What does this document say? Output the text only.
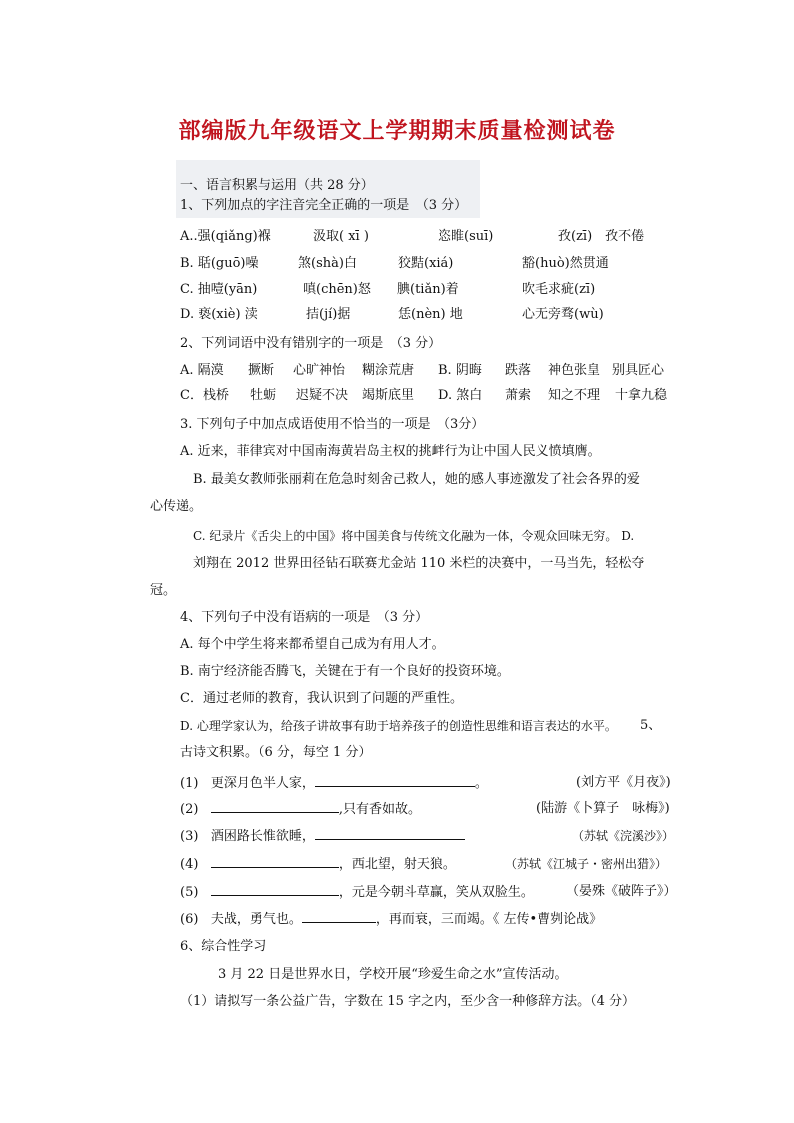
部编版九年级语文上学期期末质量检测试卷
一、语言积累与运用（共 28 分）
1、下列加点的字注音完全正确的一项是　（3 分）
A..强(qiǎng)褓	汲取( xī )	恣睢(suī)	孜(zī)　孜不倦
B. 聒(guō)噪	煞(shà)白	狡黠(xiá)	豁(huò)然贯通
C. 抽噎(yān)	嗔(chēn)怒 腆(tiǎn)着	吹毛求疵(zī)
D. 亵(xiè) 渎	拮(jí)据	恁(nèn) 地	心无旁骛(wù)
2、下列词语中没有错别字的一项是　（3 分）
A. 隔漠 撅断 心旷神怡 糊涂荒唐 B. 阴晦 跌落 神色张皇 别具匠心
C．栈桥 牡蛎 迟疑不决 竭斯底里 D. 煞白 萧索 知之不理 十拿九稳
3. 下列句子中加点成语使用不恰当的一项是　（3分）
A. 近来，菲律宾对中国南海黄岩岛主权的挑衅行为让中国人民义愤填膺。
B. 最美女教师张丽莉在危急时刻舍己救人，她的感人事迹激发了社会各界的爱
心传递。
C. 纪录片《舌尖上的中国》将中国美食与传统文化融为一体，令观众回味无穷。 D.
刘翔在 2012 世界田径钻石联赛尤金站 110 米栏的决赛中，一马当先，轻松夺
冠。
4、下列句子中没有语病的一项是　（3 分）
A. 每个中学生将来都希望自己成为有用人才。
B. 南宁经济能否腾飞，关键在于有一个良好的投资环境。
C．通过老师的教育，我认识到了问题的严重性。
D. 心理学家认为，给孩子讲故事有助于培养孩子的创造性思维和语言表达的水平。 5、
古诗文积累。（6 分，每空 1 分）
(1) 更深月色半人家，	。	(刘方平《月夜》)
(2)	,只有香如故。	(陆游《卜算子　咏梅》)
(3) 酒困路长惟欲睡，	（苏轼《浣溪沙》）
(4)	，西北望，射天狼。	（苏轼《江城子・密州出猎》）
(5)	，元是今朝斗草赢，笑从双脸生。 （晏殊《破阵子》）
(6) 夫战，勇气也。	，再而衰，三而竭。《 左传•曹刿论战》
6、综合性学习
3 月 22 日是世界水日，学校开展“珍爱生命之水”宣传活动。
（1）请拟写一条公益广告，字数在 15 字之内，至少含一种修辞方法。（4 分）
